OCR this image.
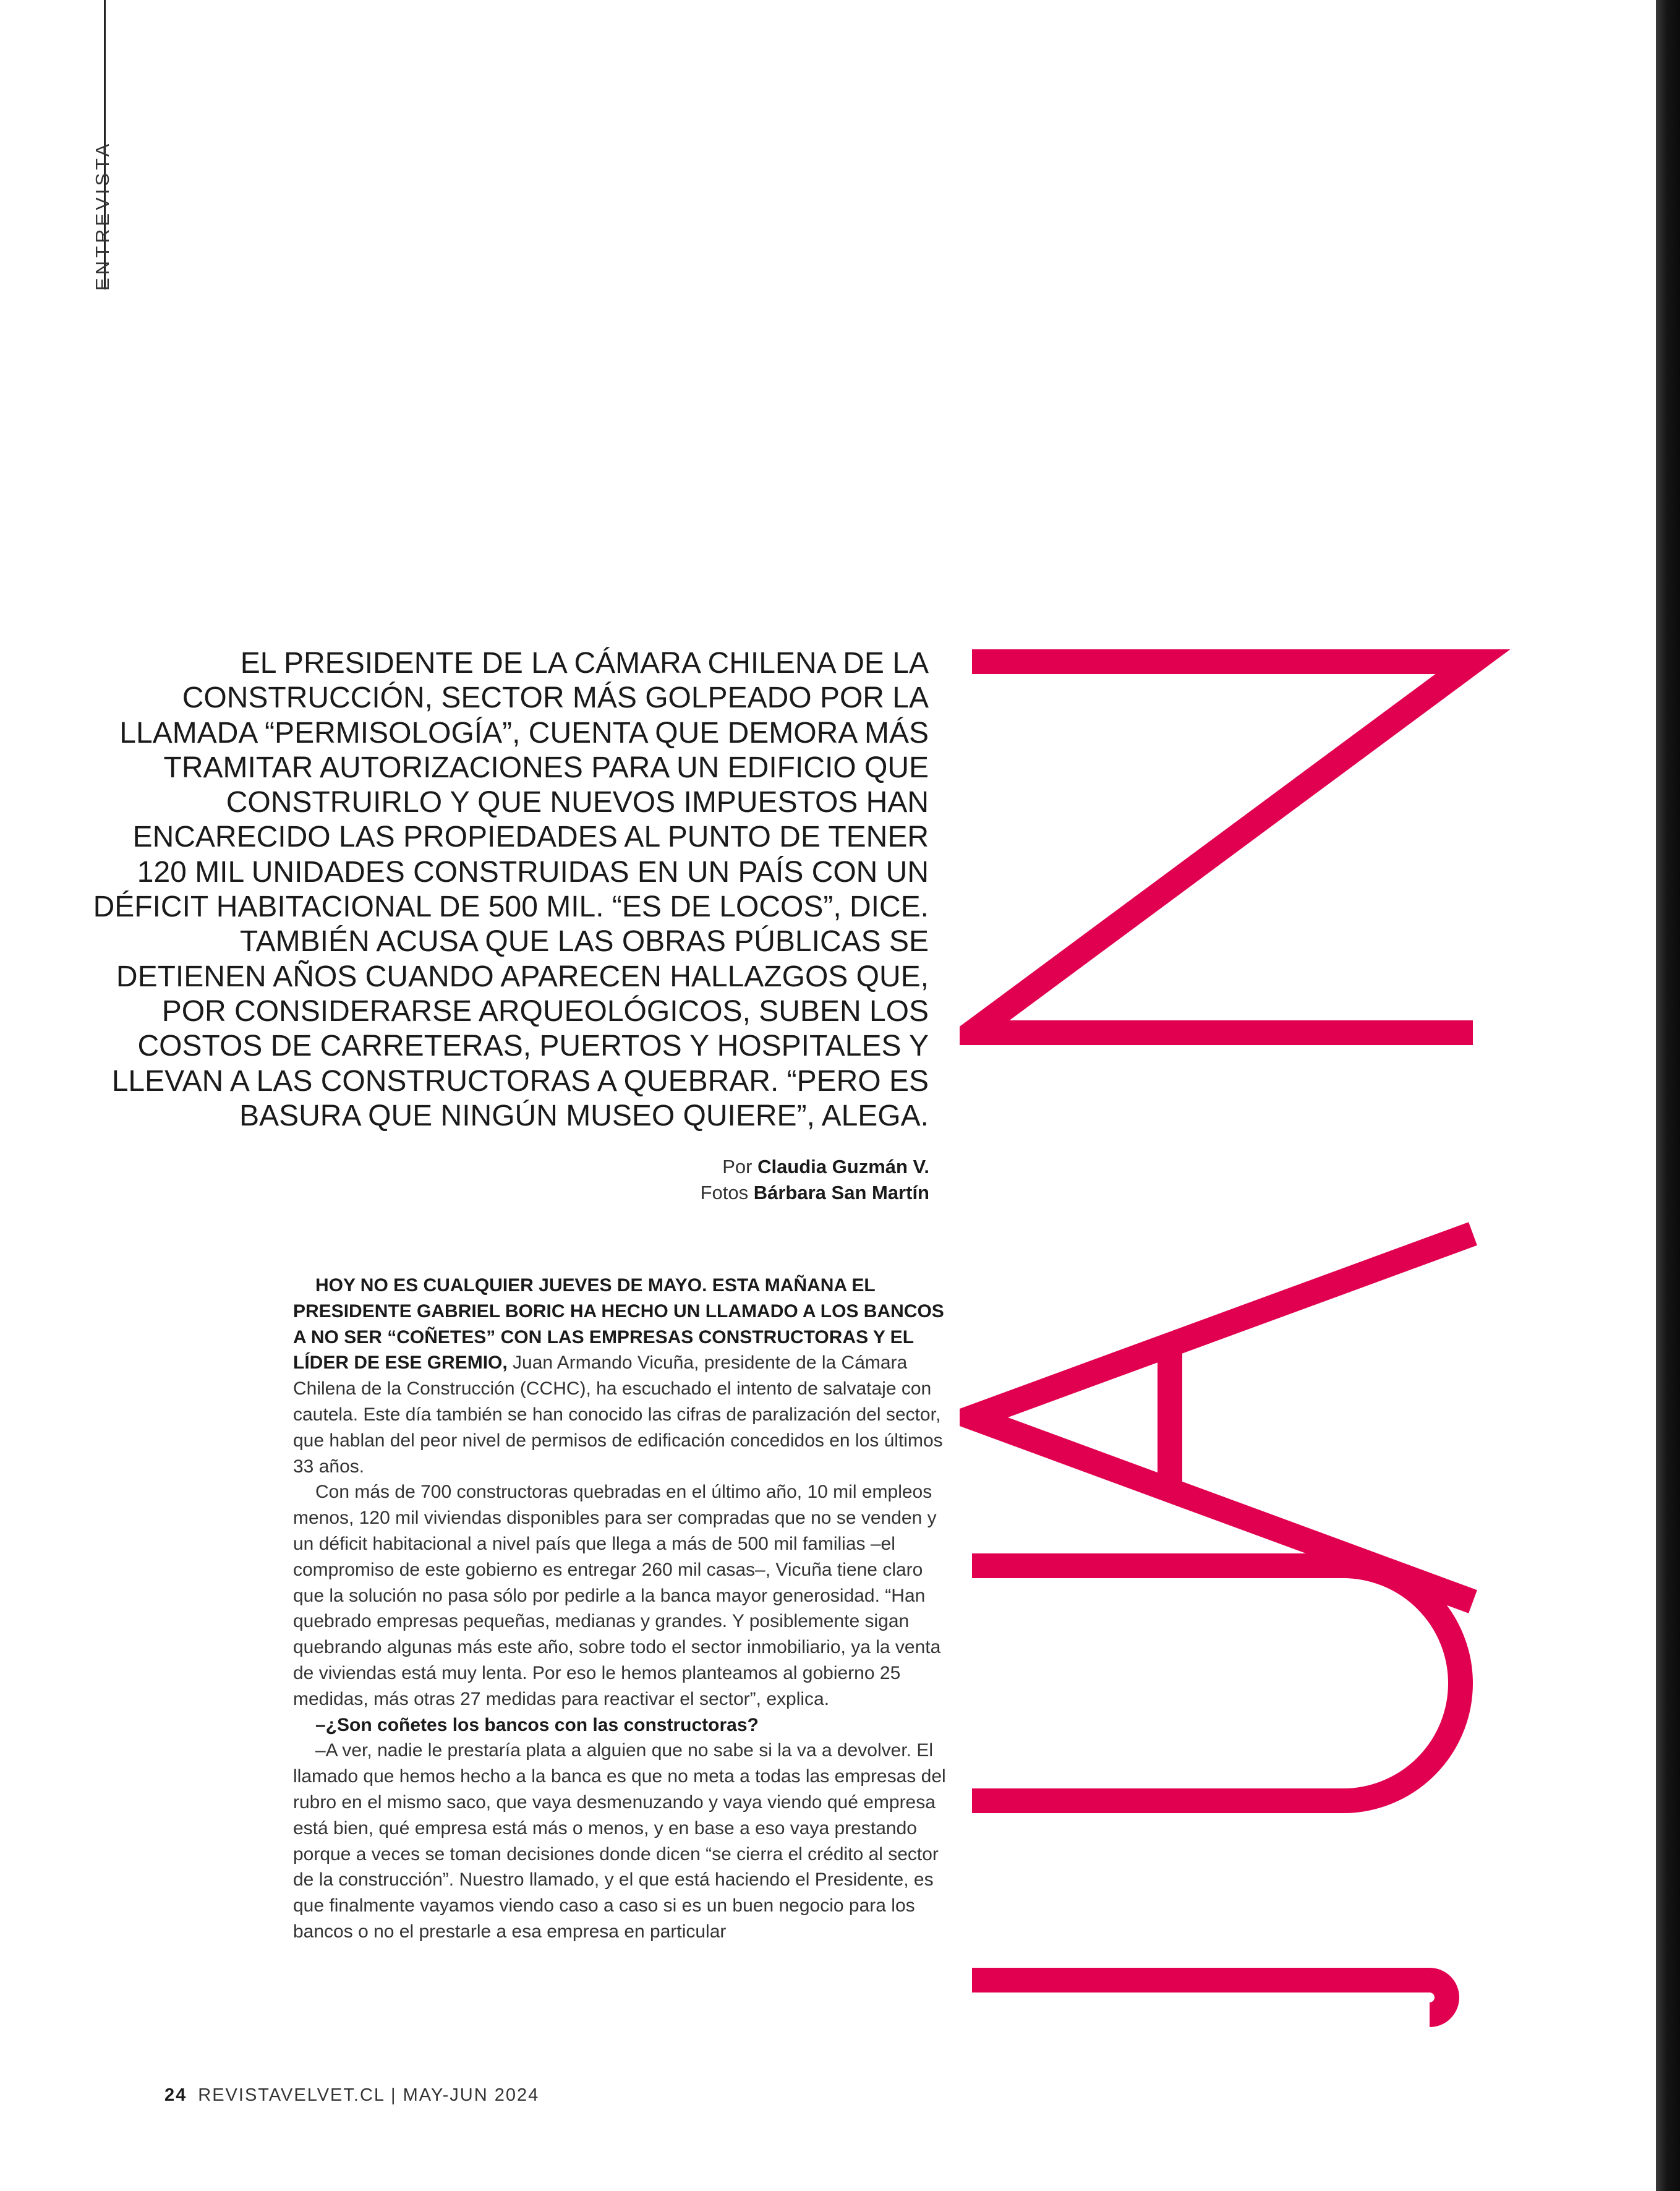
ENTREVISTA

EL PRESIDENTE DE LA CÁMARA CHILENA DE LA CONSTRUCCIÓN, SECTOR MÁS GOLPEADO POR LA LLAMADA “PERMISOLOGÍA”, CUENTA QUE DEMORA MÁS TRAMITAR AUTORIZACIONES PARA UN EDIFICIO QUE CONSTRUIRLO Y QUE NUEVOS IMPUESTOS HAN ENCARECIDO LAS PROPIEDADES AL PUNTO DE TENER 120 MIL UNIDADES CONSTRUIDAS EN UN PAÍS CON UN DÉFICIT HABITACIONAL DE 500 MIL. “ES DE LOCOS”, DICE. TAMBIÉN ACUSA QUE LAS OBRAS PÚBLICAS SE DETIENEN AÑOS CUANDO APARECEN HALLAZGOS QUE, POR CONSIDERARSE ARQUEOLÓGICOS, SUBEN LOS COSTOS DE CARRETERAS, PUERTOS Y HOSPITALES Y LLEVAN A LAS CONSTRUCTORAS A QUEBRAR. “PERO ES BASURA QUE NINGÚN MUSEO QUIERE”, ALEGA.

Por Claudia Guzmán V.
Fotos Bárbara San Martín

HOY NO ES CUALQUIER JUEVES DE MAYO. ESTA MAÑANA EL PRESIDENTE GABRIEL BORIC HA HECHO UN LLAMADO A LOS BANCOS A NO SER “COÑETES” CON LAS EMPRESAS CONSTRUCTORAS Y EL LÍDER DE ESE GREMIO, Juan Armando Vicuña, presidente de la Cámara Chilena de la Construcción (CCHC), ha escuchado el intento de salvataje con cautela. Este día también se han conocido las cifras de paralización del sector, que hablan del peor nivel de permisos de edificación concedidos en los últimos 33 años.

Con más de 700 constructoras quebradas en el último año, 10 mil empleos menos, 120 mil viviendas disponibles para ser compradas que no se venden y un déficit habitacional a nivel país que llega a más de 500 mil familias –el compromiso de este gobierno es entregar 260 mil casas–, Vicuña tiene claro que la solución no pasa sólo por pedirle a la banca mayor generosidad. “Han quebrado empresas pequeñas, medianas y grandes. Y posiblemente sigan quebrando algunas más este año, sobre todo el sector inmobiliario, ya la venta de viviendas está muy lenta. Por eso le hemos planteamos al gobierno 25 medidas, más otras 27 medidas para reactivar el sector”, explica.

–¿Son coñetes los bancos con las constructoras?

–A ver, nadie le prestaría plata a alguien que no sabe si la va a devolver. El llamado que hemos hecho a la banca es que no meta a todas las empresas del rubro en el mismo saco, que vaya desmenuzando y vaya viendo qué empresa está bien, qué empresa está más o menos, y en base a eso vaya prestando porque a veces se toman decisiones donde dicen “se cierra el crédito al sector de la construcción”. Nuestro llamado, y el que está haciendo el Presidente, es que finalmente vayamos viendo caso a caso si es un buen negocio para los bancos o no el prestarle a esa empresa en particular

24 REVISTAVELVET.CL | MAY-JUN 2024
